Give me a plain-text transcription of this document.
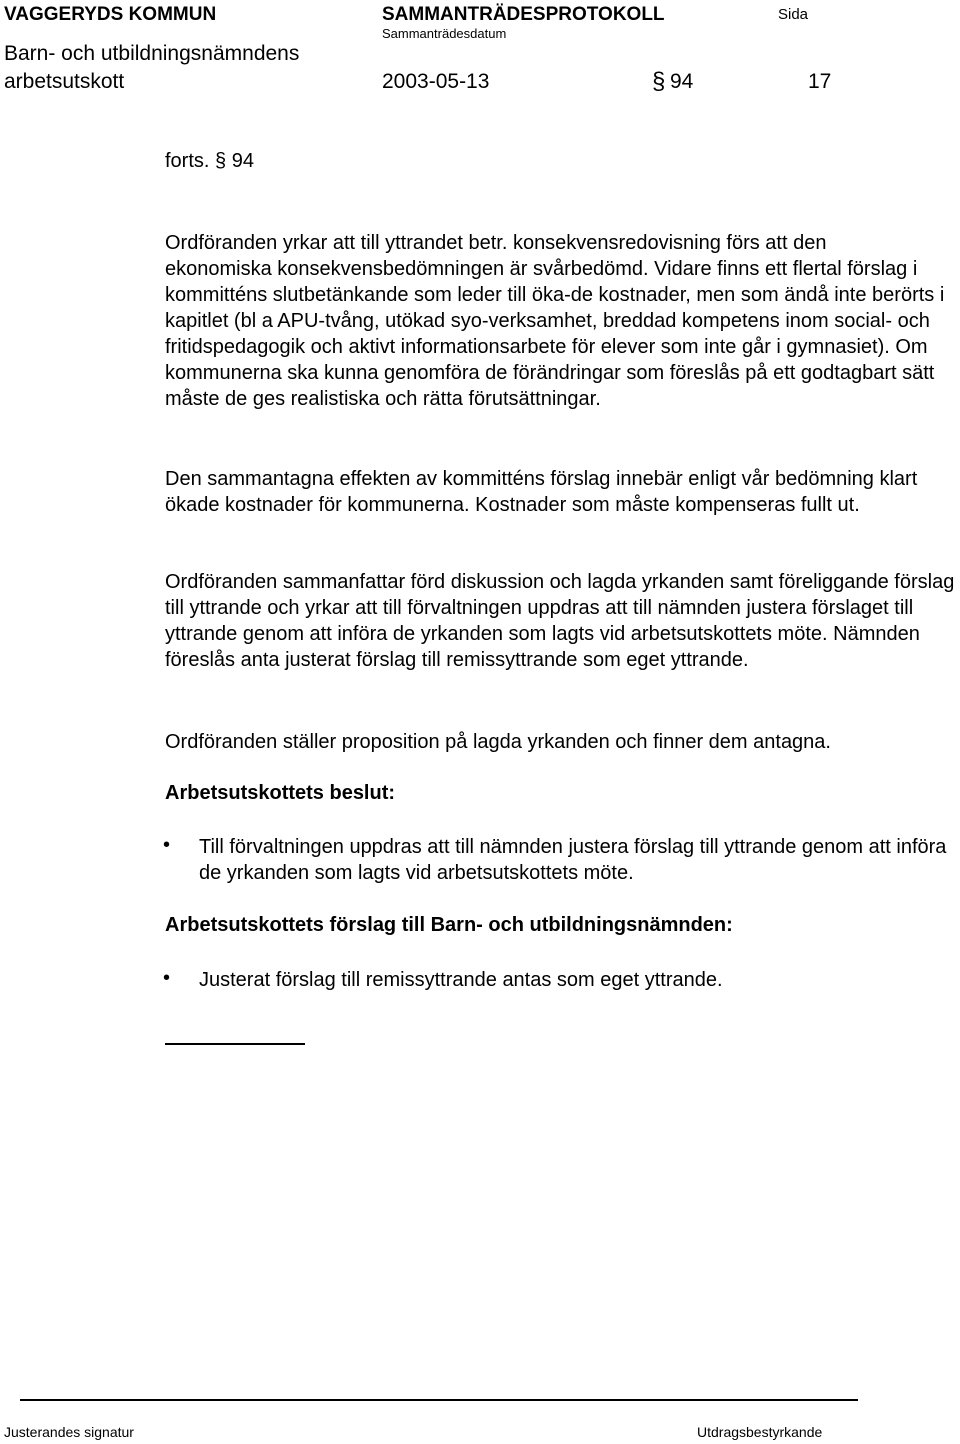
VAGGERYDS KOMMUN	SAMMANTRÄDESPROTOKOLL	Sida
Sammanträdesdatum
Barn- och utbildningsnämndens
arbetsutskott	2003-05-13	§ 94	17
forts. § 94

Ordföranden yrkar att till yttrandet betr. konsekvensredovisning förs att den

ekonomiska konsekvensbedömningen är svårbedömd. Vidare finns ett flertal förslag i kommitténs slutbetänkande som leder till öka-de kostnader, men som ändå inte berörts i kapitlet (bl a APU-tvång, utökad syo-verksamhet, breddad kompetens inom social- och fritidspedagogik och aktivt informationsarbete för elever som inte går i gymnasiet). Om kommunerna ska kunna genomföra de förändringar som föreslås på ett godtagbart sätt måste de ges realistiska och rätta förutsättningar.

Den sammantagna effekten av kommitténs förslag innebär enligt vår bedömning klart ökade kostnader för kommunerna. Kostnader som måste kompenseras fullt ut.
Ordföranden sammanfattar förd diskussion och lagda yrkanden samt föreliggande förslag till yttrande och yrkar att till förvaltningen uppdras att till nämnden justera förslaget till yttrande genom att införa de yrkanden som lagts vid arbetsutskottets möte. Nämnden föreslås anta justerat förslag till remissyttrande som eget yttrande.
Ordföranden ställer proposition på lagda yrkanden och finner dem antagna.
Arbetsutskottets beslut:
• Till förvaltningen uppdras att till nämnden justera förslag till yttrande genom att införa de yrkanden som lagts vid arbetsutskottets möte.
Arbetsutskottets förslag till Barn- och utbildningsnämnden:
• Justerat förslag till remissyttrande antas som eget yttrande.
Justerandes signatur	Utdragsbestyrkande
